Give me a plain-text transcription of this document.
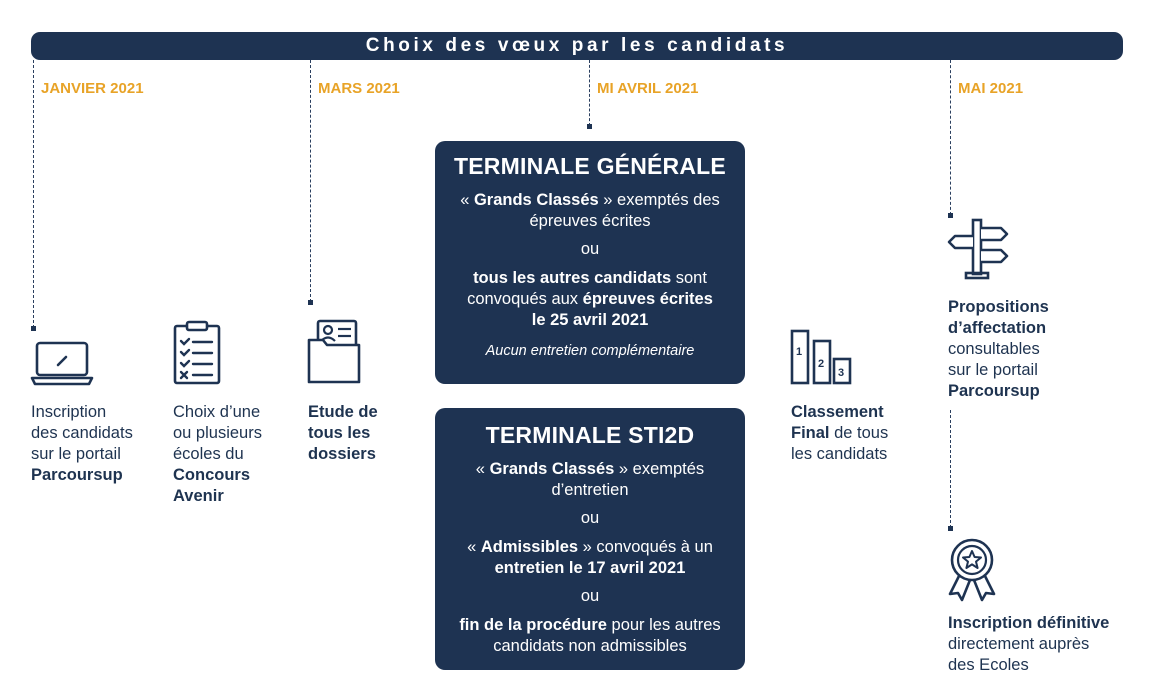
Choix des vœux par les candidats
JANVIER 2021	MARS 2021	MI AVRIL 2021	MAI 2021
1
2
3
Inscription
des candidats
sur le portail
Parcoursup
Choix d’une
ou plusieurs
écoles du
Concours
Avenir
Etude de
tous les
dossiers
Classement
Final de tous
les candidats
Propositions
d’affectation
consultables
sur le portail
Parcoursup
Inscription définitive
directement auprès
des Ecoles
TERMINALE GÉNÉRALE

« Grands Classés » exemptés des

épreuves écrites

ou

tous les autres candidats sont

convoqués aux épreuves écrites

le 25 avril 2021

Aucun entretien complémentaire

TERMINALE STI2D

« Grands Classés » exemptés

d’entretien

ou

« Admissibles » convoqués à un

entretien le 17 avril 2021

ou

fin de la procédure pour les autres

candidats non admissibles
